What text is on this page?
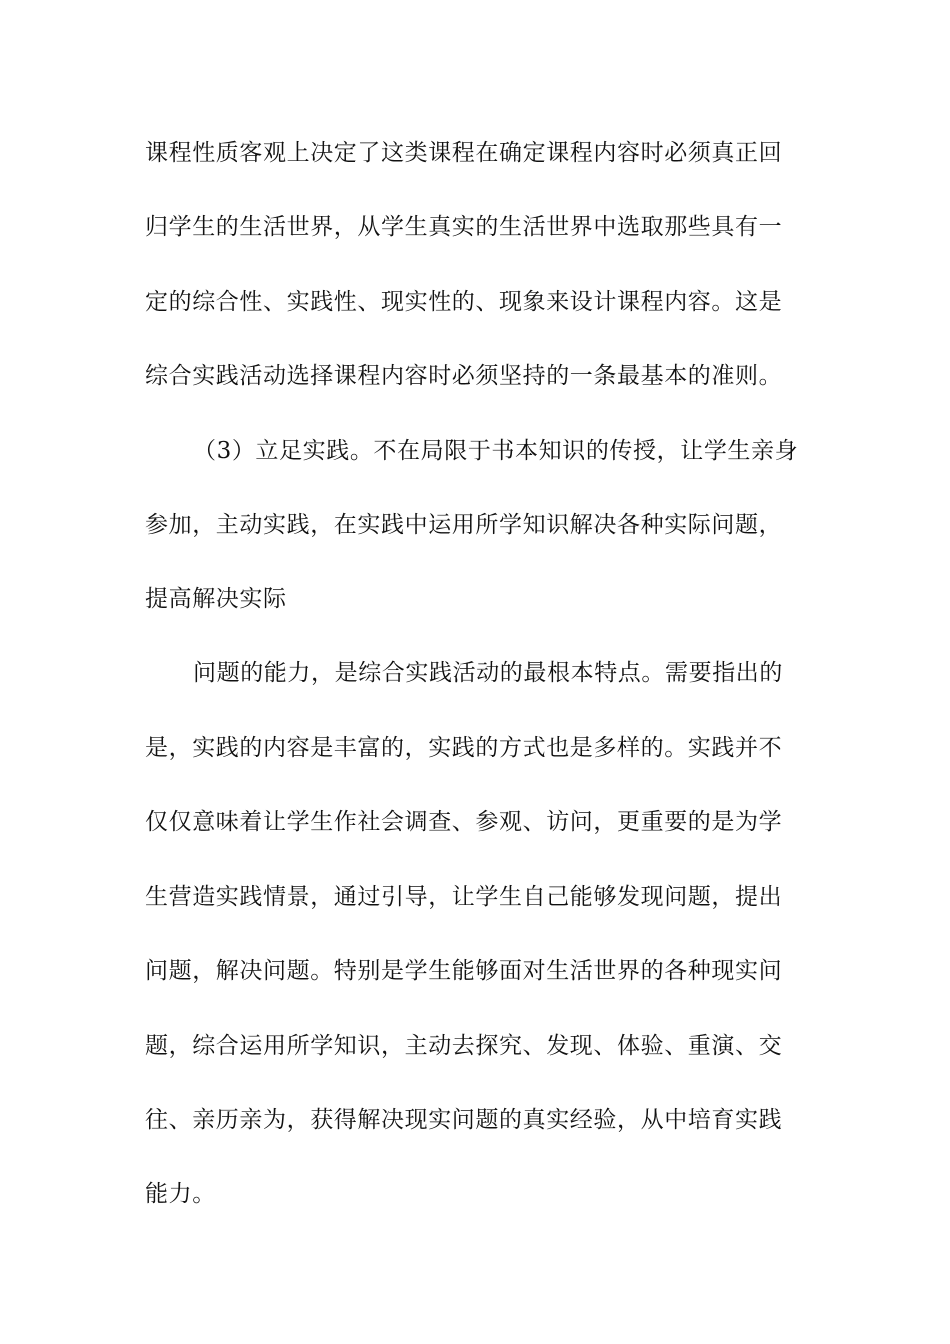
课程性质客观上决定了这类课程在确定课程内容时必须真正回
归学生的生活世界，从学生真实的生活世界中选取那些具有一
定的综合性、实践性、现实性的、现象来设计课程内容。这是
综合实践活动选择课程内容时必须坚持的一条最基本的准则。
（3）立足实践。不在局限于书本知识的传授，让学生亲身
参加，主动实践，在实践中运用所学知识解决各种实际问题，
提高解决实际
问题的能力，是综合实践活动的最根本特点。需要指出的
是，实践的内容是丰富的，实践的方式也是多样的。实践并不
仅仅意味着让学生作社会调查、参观、访问，更重要的是为学
生营造实践情景，通过引导，让学生自己能够发现问题，提出
问题，解决问题。特别是学生能够面对生活世界的各种现实问
题，综合运用所学知识，主动去探究、发现、体验、重演、交
往、亲历亲为，获得解决现实问题的真实经验，从中培育实践
能力。
